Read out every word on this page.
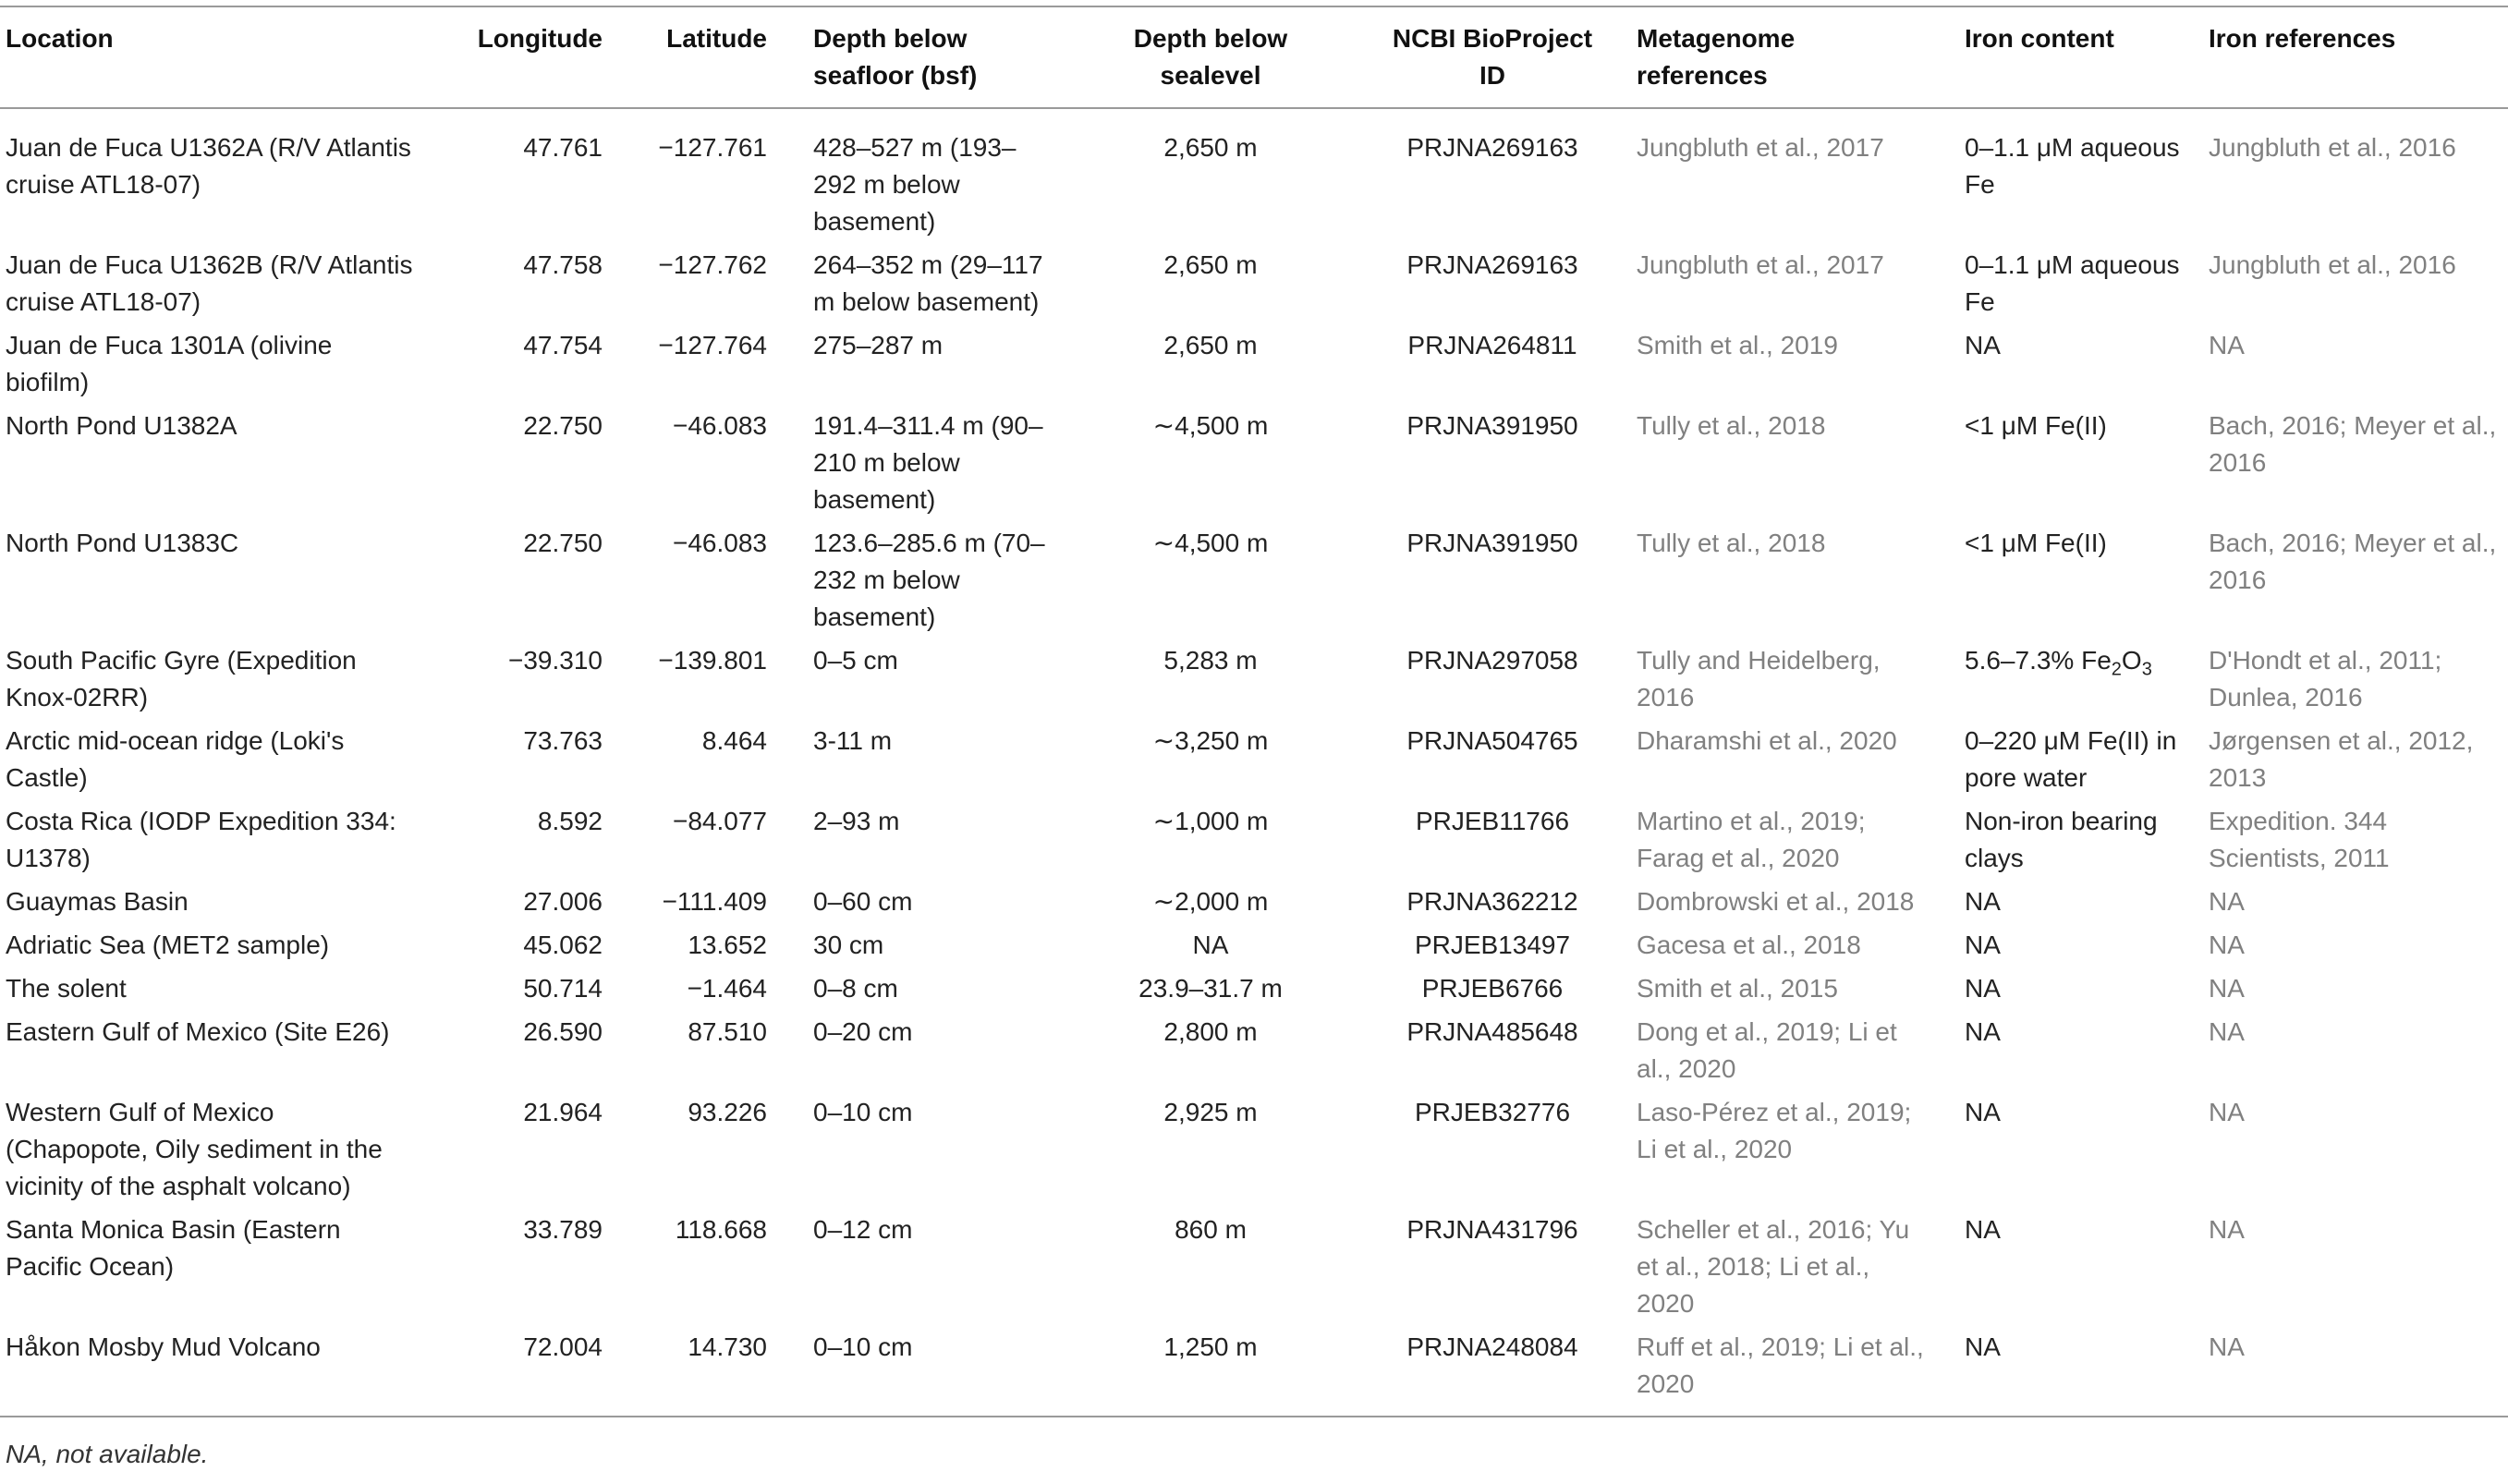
Location	Longitude	Latitude	Depth below seafloor (bsf)	Depth below sealevel	NCBI BioProject ID	Metagenome references	Iron content	Iron references
Juan de Fuca U1362A (R/V Atlantis cruise ATL18-07)	47.761	−127.761	428–527 m (193–292 m below basement)	2,650 m	PRJNA269163	Jungbluth et al., 2017	0–1.1 μM aqueous Fe	Jungbluth et al., 2016
Juan de Fuca U1362B (R/V Atlantis cruise ATL18-07)	47.758	−127.762	264–352 m (29–117 m below basement)	2,650 m	PRJNA269163	Jungbluth et al., 2017	0–1.1 μM aqueous Fe	Jungbluth et al., 2016
Juan de Fuca 1301A (olivine biofilm)	47.754	−127.764	275–287 m	2,650 m	PRJNA264811	Smith et al., 2019	NA	NA
North Pond U1382A	22.750	−46.083	191.4–311.4 m (90–210 m below basement)	∼4,500 m	PRJNA391950	Tully et al., 2018	<1 μM Fe(II)	Bach, 2016; Meyer et al., 2016
North Pond U1383C	22.750	−46.083	123.6–285.6 m (70–232 m below basement)	∼4,500 m	PRJNA391950	Tully et al., 2018	<1 μM Fe(II)	Bach, 2016; Meyer et al., 2016
South Pacific Gyre (Expedition Knox-02RR)	−39.310	−139.801	0–5 cm	5,283 m	PRJNA297058	Tully and Heidelberg, 2016	5.6–7.3% $Fe_2O_3$	D'Hondt et al., 2011; Dunlea, 2016
Arctic mid-ocean ridge (Loki's Castle)	73.763	8.464	3-11 m	∼3,250 m	PRJNA504765	Dharamshi et al., 2020	0–220 μM Fe(II) in pore water	Jørgensen et al., 2012, 2013
Costa Rica (IODP Expedition 334: U1378)	8.592	−84.077	2–93 m	∼1,000 m	PRJEB11766	Martino et al., 2019; Farag et al., 2020	Non-iron bearing clays	Expedition. 344 Scientists, 2011
Guaymas Basin	27.006	−111.409	0–60 cm	∼2,000 m	PRJNA362212	Dombrowski et al., 2018	NA	NA
Adriatic Sea (MET2 sample)	45.062	13.652	30 cm	NA	PRJEB13497	Gacesa et al., 2018	NA	NA
The solent	50.714	−1.464	0–8 cm	23.9–31.7 m	PRJEB6766	Smith et al., 2015	NA	NA
Eastern Gulf of Mexico (Site E26)	26.590	87.510	0–20 cm	2,800 m	PRJNA485648	Dong et al., 2019; Li et al., 2020	NA	NA
Western Gulf of Mexico (Chapopote, Oily sediment in the vicinity of the asphalt volcano)	21.964	93.226	0–10 cm	2,925 m	PRJEB32776	Laso-Pérez et al., 2019; Li et al., 2020	NA	NA
Santa Monica Basin (Eastern Pacific Ocean)	33.789	118.668	0–12 cm	860 m	PRJNA431796	Scheller et al., 2016; Yu et al., 2018; Li et al., 2020	NA	NA
Håkon Mosby Mud Volcano	72.004	14.730	0–10 cm	1,250 m	PRJNA248084	Ruff et al., 2019; Li et al., 2020	NA	NA
NA, not available.
